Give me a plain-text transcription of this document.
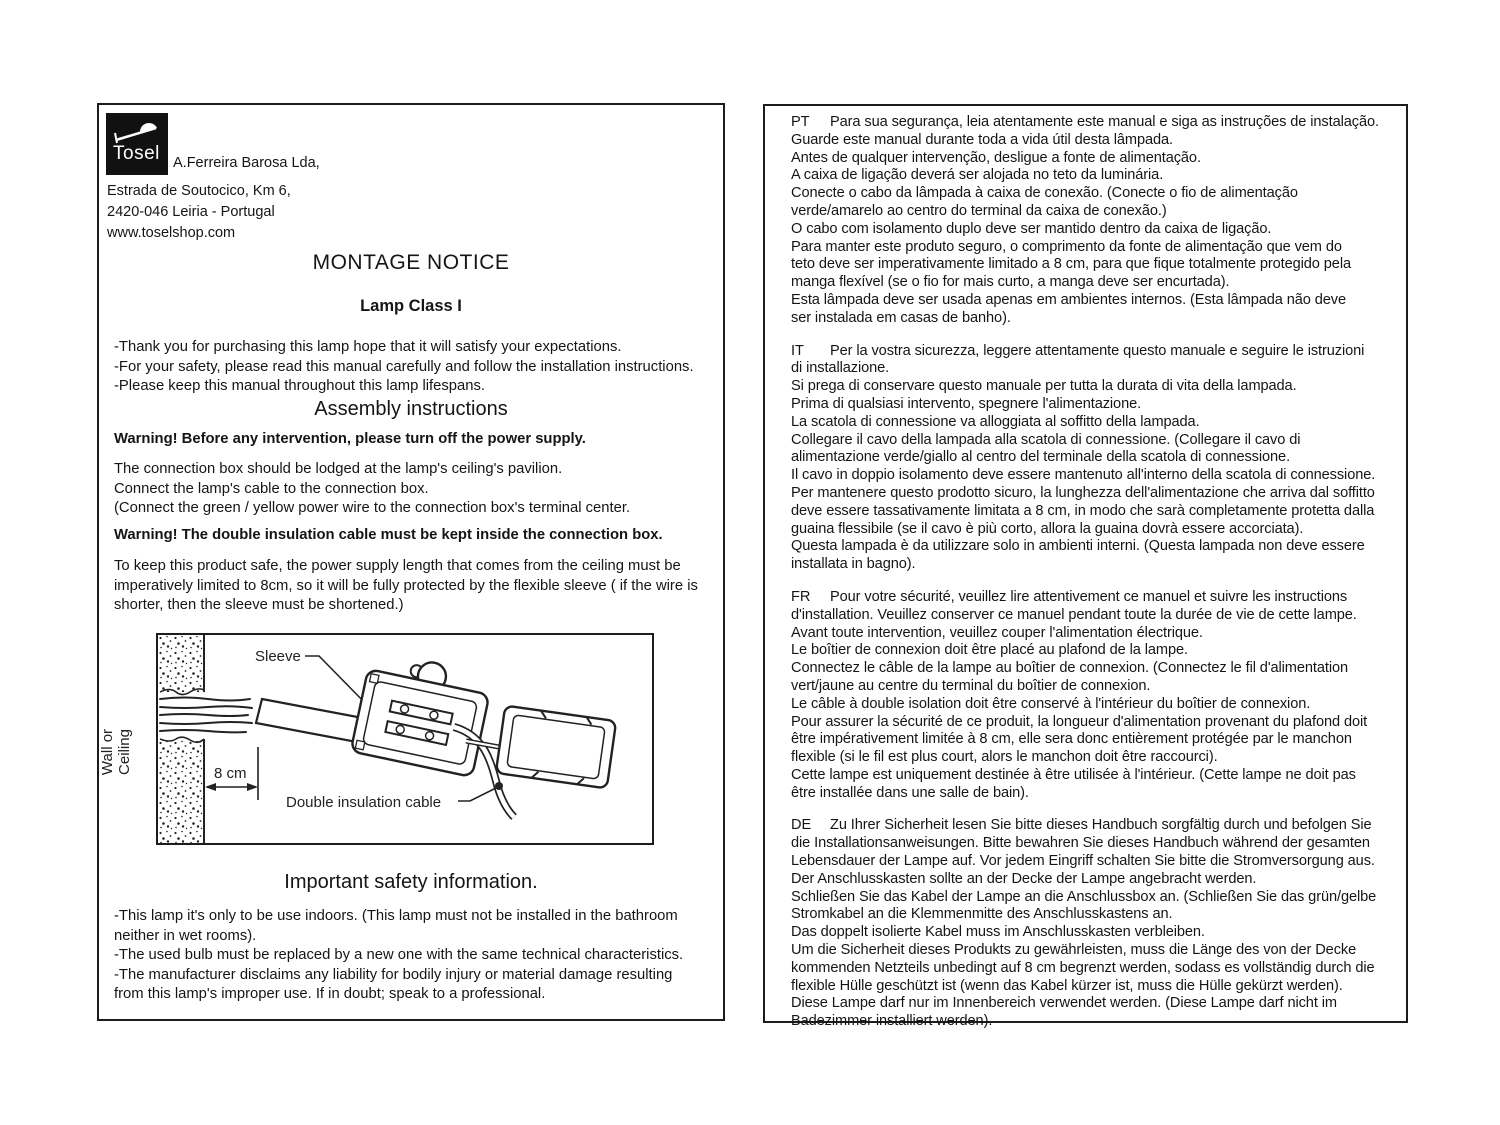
Tosel A.Ferreira Barosa Lda,
Estrada de Soutocico, Km 6,
2420-046 Leiria - Portugal
www.toselshop.com
MONTAGE NOTICE
Lamp Class I
-Thank you for purchasing this lamp hope that it will satisfy your expectations.
-For your safety, please read this manual carefully and follow the installation instructions.
-Please keep this manual throughout this lamp lifespans.
Assembly instructions
Warning! Before any intervention, please turn off the power supply.
The connection box should be lodged at the lamp's ceiling's pavilion.
Connect the lamp's cable to the connection box.
(Connect the green / yellow power wire to the connection box's terminal center.
Warning! The double insulation cable must be kept inside the connection box.
To keep this product safe, the power supply length that comes from the ceiling must be
imperatively limited to 8cm, so it will be fully protected by the flexible sleeve ( if the wire is
shorter, then the sleeve must be shortened.)
Wall or Ceiling	8 cm
Sleeve
Double insulation cable
Important safety information.
-This lamp it's only to be use indoors. (This lamp must not be installed in the bathroom
neither in wet rooms).
-The used bulb must be replaced by a new one with the same technical characteristics.
-The manufacturer disclaims any liability for bodily injury or material damage resulting
from this lamp's improper use. If in doubt; speak to a professional.
PT Para sua segurança, leia atentamente este manual e siga as instruções de instalação.
Guarde este manual durante toda a vida útil desta lâmpada.
Antes de qualquer intervenção, desligue a fonte de alimentação.
A caixa de ligação deverá ser alojada no teto da luminária.
Conecte o cabo da lâmpada à caixa de conexão. (Conecte o fio de alimentação
verde/amarelo ao centro do terminal da caixa de conexão.)
O cabo com isolamento duplo deve ser mantido dentro da caixa de ligação.
Para manter este produto seguro, o comprimento da fonte de alimentação que vem do
teto deve ser imperativamente limitado a 8 cm, para que fique totalmente protegido pela
manga flexível (se o fio for mais curto, a manga deve ser encurtada).
Esta lâmpada deve ser usada apenas em ambientes internos. (Esta lâmpada não deve
ser instalada em casas de banho).
IT Per la vostra sicurezza, leggere attentamente questo manuale e seguire le istruzioni
di installazione.
Si prega di conservare questo manuale per tutta la durata di vita della lampada.
Prima di qualsiasi intervento, spegnere l'alimentazione.
La scatola di connessione va alloggiata al soffitto della lampada.
Collegare il cavo della lampada alla scatola di connessione. (Collegare il cavo di
alimentazione verde/giallo al centro del terminale della scatola di connessione.
Il cavo in doppio isolamento deve essere mantenuto all'interno della scatola di connessione.
Per mantenere questo prodotto sicuro, la lunghezza dell'alimentazione che arriva dal soffitto
deve essere tassativamente limitata a 8 cm, in modo che sarà completamente protetta dalla
guaina flessibile (se il cavo è più corto, allora la guaina dovrà essere accorciata).
Questa lampada è da utilizzare solo in ambienti interni. (Questa lampada non deve essere
installata in bagno).
FR Pour votre sécurité, veuillez lire attentivement ce manuel et suivre les instructions
d'installation. Veuillez conserver ce manuel pendant toute la durée de vie de cette lampe.
Avant toute intervention, veuillez couper l'alimentation électrique.
Le boîtier de connexion doit être placé au plafond de la lampe.
Connectez le câble de la lampe au boîtier de connexion. (Connectez le fil d'alimentation
vert/jaune au centre du terminal du boîtier de connexion.
Le câble à double isolation doit être conservé à l'intérieur du boîtier de connexion.
Pour assurer la sécurité de ce produit, la longueur d'alimentation provenant du plafond doit
être impérativement limitée à 8 cm, elle sera donc entièrement protégée par le manchon
flexible (si le fil est plus court, alors le manchon doit être raccourci).
Cette lampe est uniquement destinée à être utilisée à l'intérieur. (Cette lampe ne doit pas
être installée dans une salle de bain).
DE Zu Ihrer Sicherheit lesen Sie bitte dieses Handbuch sorgfältig durch und befolgen Sie
die Installationsanweisungen. Bitte bewahren Sie dieses Handbuch während der gesamten
Lebensdauer der Lampe auf. Vor jedem Eingriff schalten Sie bitte die Stromversorgung aus.
Der Anschlusskasten sollte an der Decke der Lampe angebracht werden.
Schließen Sie das Kabel der Lampe an die Anschlussbox an. (Schließen Sie das grün/gelbe
Stromkabel an die Klemmenmitte des Anschlusskastens an.
Das doppelt isolierte Kabel muss im Anschlusskasten verbleiben.
Um die Sicherheit dieses Produkts zu gewährleisten, muss die Länge des von der Decke
kommenden Netzteils unbedingt auf 8 cm begrenzt werden, sodass es vollständig durch die
flexible Hülle geschützt ist (wenn das Kabel kürzer ist, muss die Hülle gekürzt werden).
Diese Lampe darf nur im Innenbereich verwendet werden. (Diese Lampe darf nicht im
Badezimmer installiert werden).
